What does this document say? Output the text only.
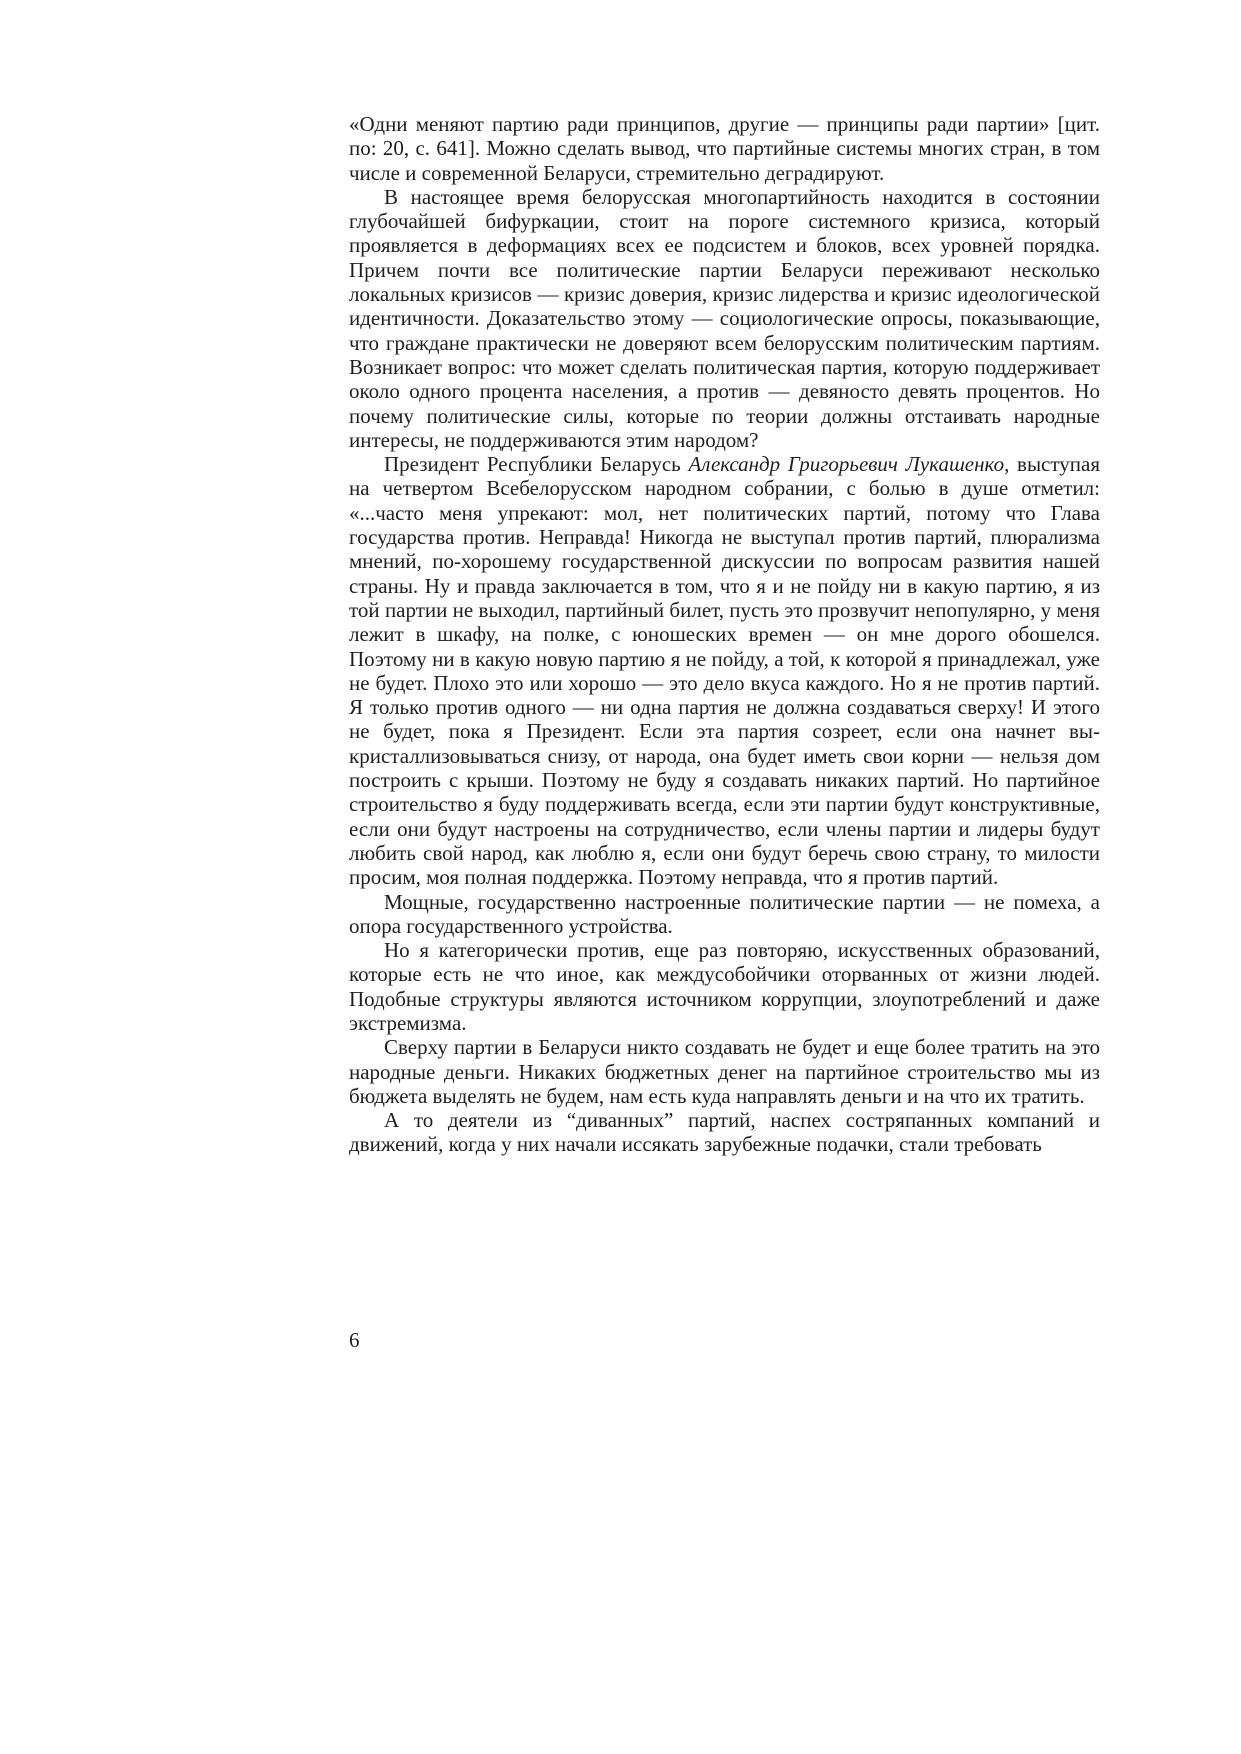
«Одни меняют партию ради принципов, другие — принципы ради партии» [цит. по: 20, с. 641]. Можно сделать вывод, что партийные системы многих стран, в том числе и современной Беларуси, стремительно деградируют.

В настоящее время белорусская многопартийность находится в состоянии глубочайшей бифуркации, стоит на пороге системного кризиса, который проявляется в деформациях всех ее подсистем и блоков, всех уровней порядка. Причем почти все политические партии Беларуси переживают несколько локальных кризисов — кризис доверия, кризис лидерства и кризис идеологической идентичности. Доказательство этому — социологические опросы, показывающие, что граждане практически не доверяют всем белорусским политическим партиям. Возникает вопрос: что может сделать политическая партия, которую поддерживает около одного процента населения, а против — девяносто девять процентов. Но почему политические силы, которые по теории должны отстаивать народные интересы, не поддерживаются этим народом?

Президент Республики Беларусь Александр Григорьевич Лукашенко, выступая на четвертом Всебелорусском народном собрании, с болью в душе отметил: «...часто меня упрекают: мол, нет политических партий, потому что Глава государства против. Неправда! Никогда не выступал против партий, плюрализма мнений, по-хорошему государственной дискуссии по вопросам развития нашей страны. Ну и правда заключается в том, что я и не пойду ни в какую партию, я из той партии не выходил, партийный билет, пусть это прозвучит непопулярно, у меня лежит в шкафу, на полке, с юношеских времен — он мне дорого обошелся. Поэтому ни в какую новую партию я не пойду, а той, к которой я принадлежал, уже не будет. Плохо это или хорошо — это дело вкуса каждого. Но я не против партий. Я только против одного — ни одна партия не должна создаваться сверху! И этого не будет, пока я Президент. Если эта партия созреет, если она начнет выкристаллизовываться снизу, от народа, она будет иметь свои корни — нельзя дом построить с крыши. Поэтому не буду я создавать никаких партий. Но партийное строительство я буду поддерживать всегда, если эти партии будут конструктивные, если они будут настроены на сотрудничество, если члены партии и лидеры будут любить свой народ, как люблю я, если они будут беречь свою страну, то милости просим, моя полная поддержка. Поэтому неправда, что я против партий.

Мощные, государственно настроенные политические партии — не помеха, а опора государственного устройства.

Но я категорически против, еще раз повторяю, искусственных образований, которые есть не что иное, как междусобойчики оторванных от жизни людей. Подобные структуры являются источником коррупции, злоупотреблений и даже экстремизма.

Сверху партии в Беларуси никто создавать не будет и еще более тратить на это народные деньги. Никаких бюджетных денег на партийное строительство мы из бюджета выделять не будем, нам есть куда направлять деньги и на что их тратить.

А то деятели из “диванных” партий, наспех состряпанных компаний и движений, когда у них начали иссякать зарубежные подачки, стали требовать

6
